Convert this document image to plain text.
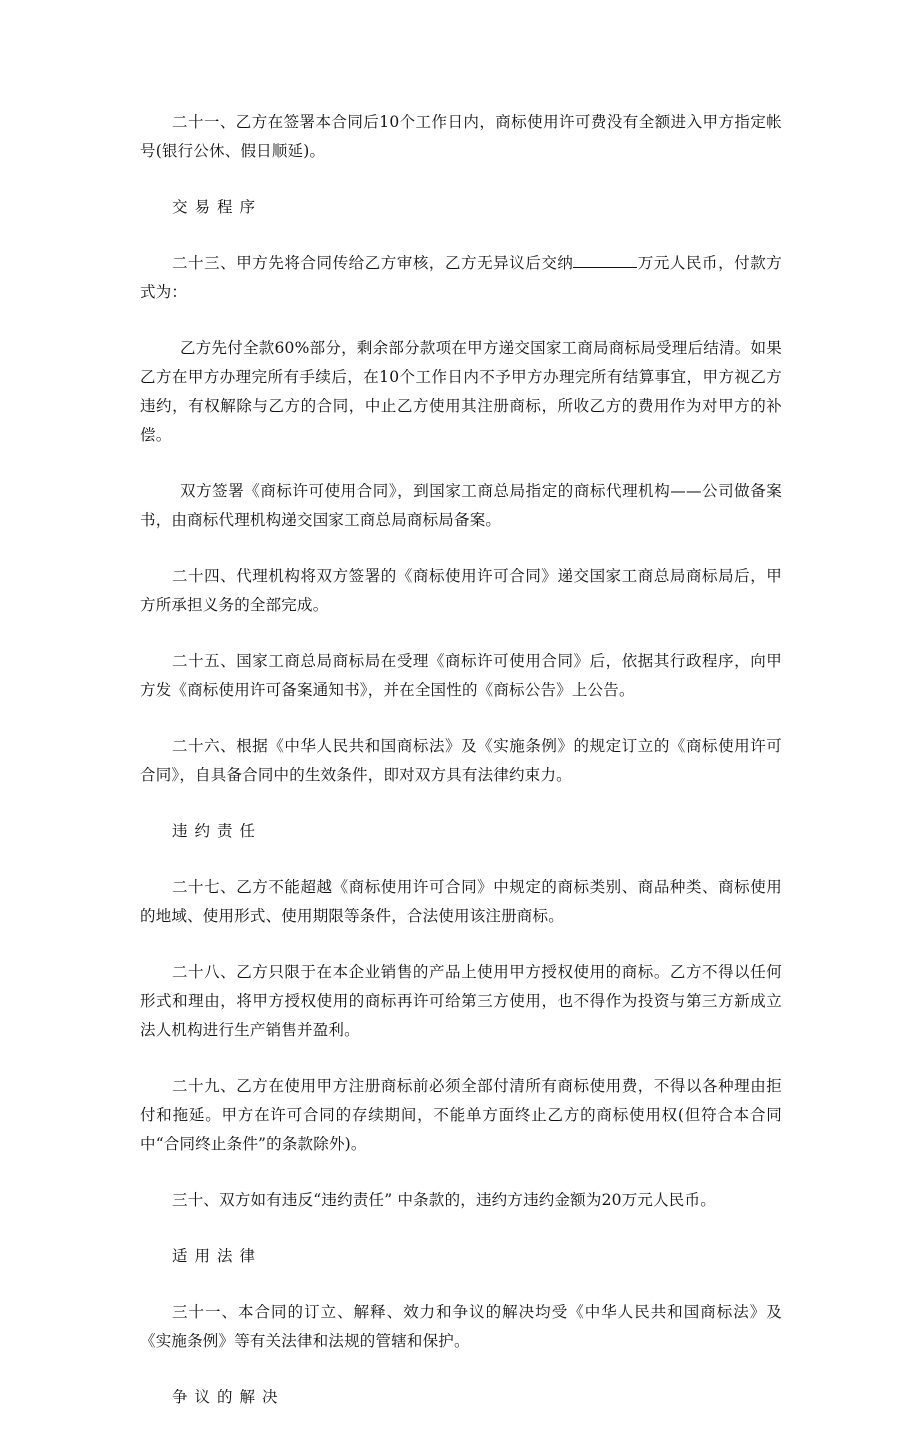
二十一、乙方在签署本合同后10个工作日内，商标使用许可费没有全额进入甲方指定帐号(银行公休、假日顺延)。

交易程序

二十三、甲方先将合同传给乙方审核，乙方无异议后交纳	万元人民币，付款方式为：

乙方先付全款60%部分，剩余部分款项在甲方递交国家工商局商标局受理后结清。如果乙方在甲方办理完所有手续后，在10个工作日内不予甲方办理完所有结算事宜，甲方视乙方违约，有权解除与乙方的合同，中止乙方使用其注册商标，所收乙方的费用作为对甲方的补偿。

双方签署《商标许可使用合同》，到国家工商总局指定的商标代理机构——公司做备案书，由商标代理机构递交国家工商总局商标局备案。

二十四、代理机构将双方签署的《商标使用许可合同》递交国家工商总局商标局后，甲方所承担义务的全部完成。

二十五、国家工商总局商标局在受理《商标许可使用合同》后，依据其行政程序，向甲方发《商标使用许可备案通知书》，并在全国性的《商标公告》上公告。

二十六、根据《中华人民共和国商标法》及《实施条例》的规定订立的《商标使用许可合同》，自具备合同中的生效条件，即对双方具有法律约束力。

违约责任

二十七、乙方不能超越《商标使用许可合同》中规定的商标类别、商品种类、商标使用的地域、使用形式、使用期限等条件，合法使用该注册商标。

二十八、乙方只限于在本企业销售的产品上使用甲方授权使用的商标。乙方不得以任何形式和理由，将甲方授权使用的商标再许可给第三方使用，也不得作为投资与第三方新成立法人机构进行生产销售并盈利。

二十九、乙方在使用甲方注册商标前必须全部付清所有商标使用费，不得以各种理由拒付和拖延。甲方在许可合同的存续期间，不能单方面终止乙方的商标使用权(但符合本合同中“合同终止条件”的条款除外)。

三十、双方如有违反“违约责任” 中条款的，违约方违约金额为20万元人民币。

适用法律

三十一、本合同的订立、解释、效力和争议的解决均受《中华人民共和国商标法》及《实施条例》等有关法律和法规的管辖和保护。

争议的解决
